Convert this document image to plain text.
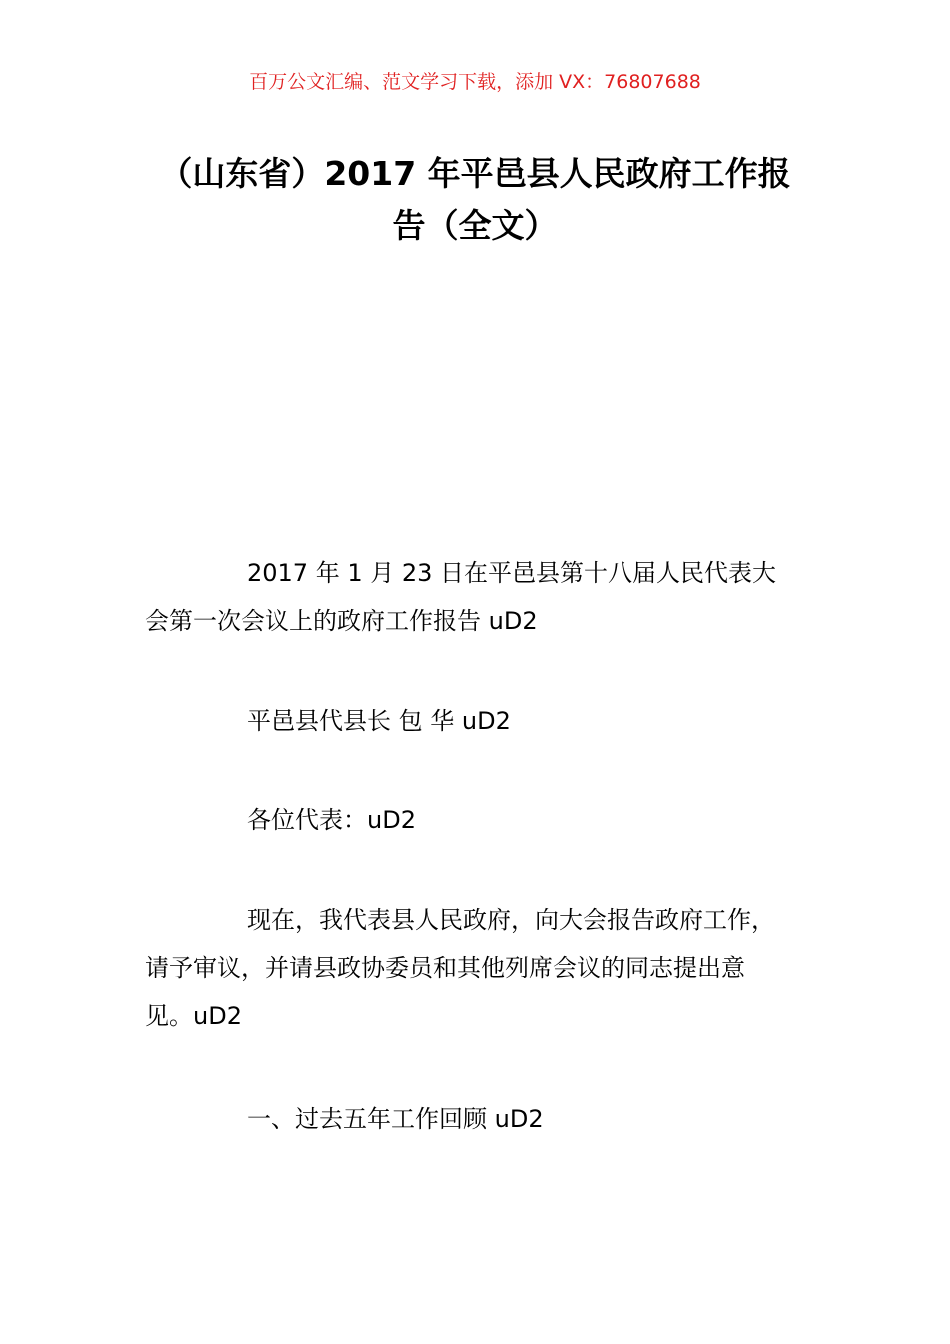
百万公文汇编、范文学习下载，添加 VX：76807688
（山东省）2017 年平邑县人民政府工作报
告（全文）
2017 年 1 月 23 日在平邑县第十八届人民代表大
会第一次会议上的政府工作报告 uD2
平邑县代县长 包 华 uD2
各位代表：uD2
现在，我代表县人民政府，向大会报告政府工作，
请予审议，并请县政协委员和其他列席会议的同志提出意
见。uD2
一、过去五年工作回顾 uD2
